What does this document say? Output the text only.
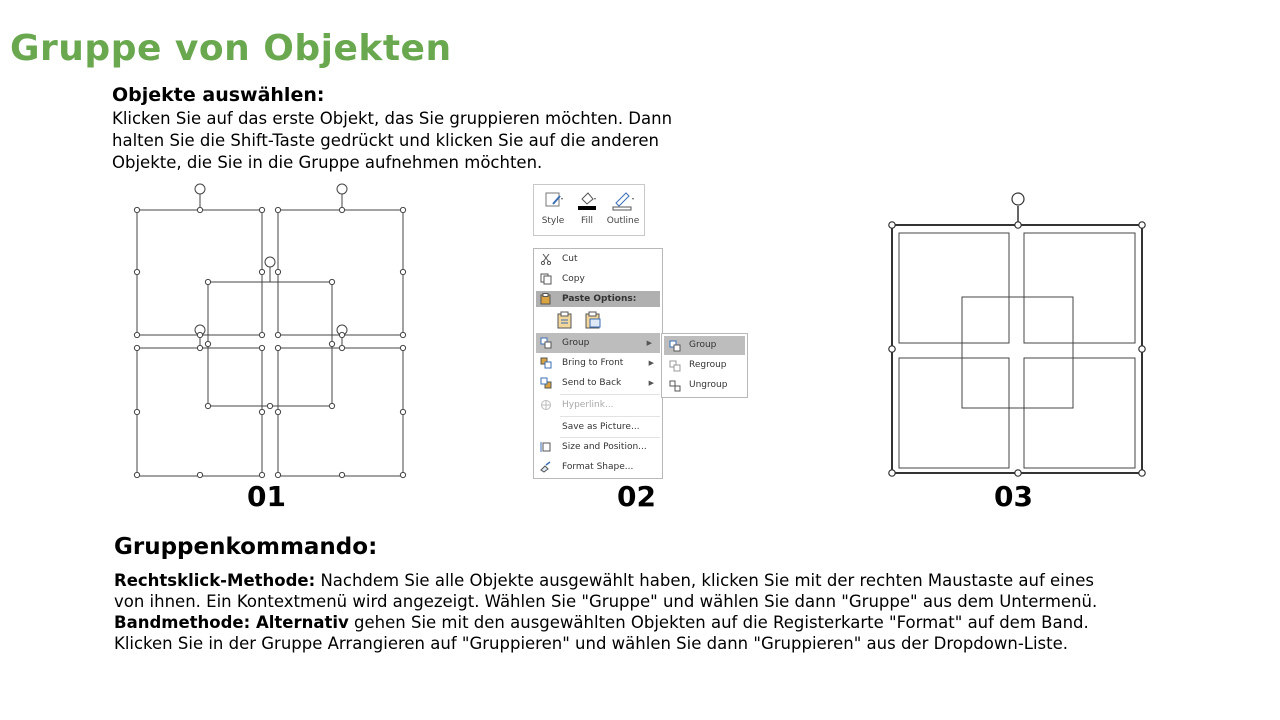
Gruppe von Objekten
Objekte auswählen:

Klicken Sie auf das erste Objekt, das Sie gruppieren möchten. Dann halten Sie die Shift-Taste gedrückt und klicken Sie auf die anderen Objekte, die Sie in die Gruppe aufnehmen möchten.

01
Style	Fill	Outline
Cut
Copy
Paste Options:
Group	▶
Bring to Front	▶
Send to Back	▶
Hyperlink...
Save as Picture...
Size and Position...
Format Shape...
Group
Regroup
Ungroup
02	03
Gruppenkommando:

Rechtsklick-Methode: Nachdem Sie alle Objekte ausgewählt haben, klicken Sie mit der rechten Maustaste auf eines von ihnen. Ein Kontextmenü wird angezeigt. Wählen Sie "Gruppe" und wählen Sie dann "Gruppe" aus dem Untermenü.

Bandmethode: Alternativ gehen Sie mit den ausgewählten Objekten auf die Registerkarte "Format" auf dem Band. Klicken Sie in der Gruppe Arrangieren auf "Gruppieren" und wählen Sie dann "Gruppieren" aus der Dropdown-Liste.
